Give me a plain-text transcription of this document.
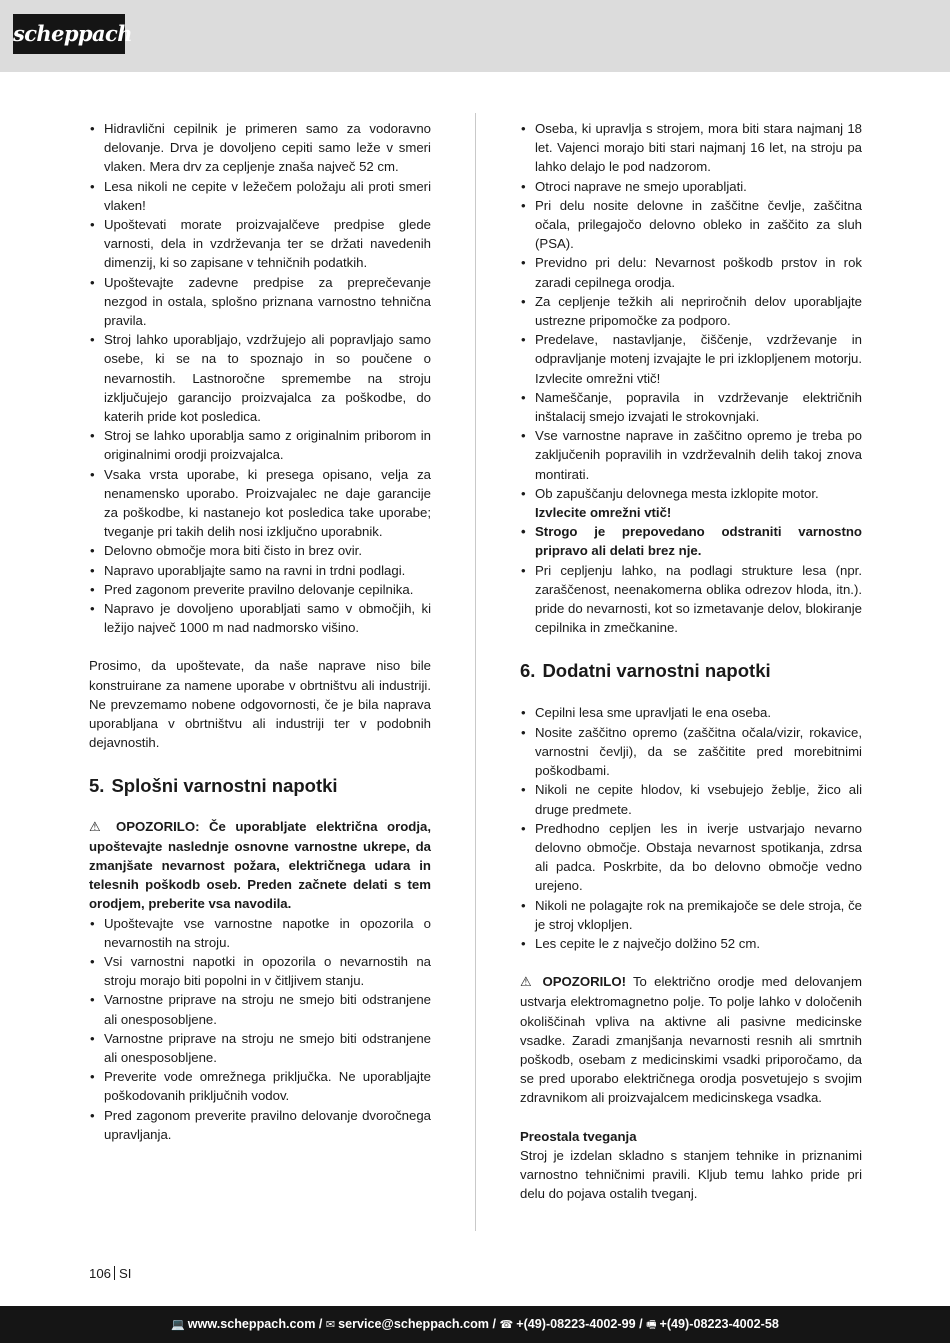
scheppach
• Hidravlični cepilnik je primeren samo za vodoravno delovanje. Drva je dovoljeno cepiti samo leže v smeri vlaken. Mera drv za cepljenje znaša največ 52 cm.
• Lesa nikoli ne cepite v ležečem položaju ali proti smeri vlaken!
• Upoštevati morate proizvajalčeve predpise glede varnosti, dela in vzdrževanja ter se držati navedenih dimenzij, ki so zapisane v tehničnih podatkih.
• Upoštevajte zadevne predpise za preprečevanje nezgod in ostala, splošno priznana varnostno tehnična pravila.
• Stroj lahko uporabljajo, vzdržujejo ali popravljajo samo osebe, ki se na to spoznajo in so poučene o nevarnostih. Lastnoročne spremembe na stroju izključujejo garancijo proizvajalca za poškodbe, do katerih pride kot posledica.
• Stroj se lahko uporablja samo z originalnim priborom in originalnimi orodji proizvajalca.
• Vsaka vrsta uporabe, ki presega opisano, velja za nenamensko uporabo. Proizvajalec ne daje garancije za poškodbe, ki nastanejo kot posledica take uporabe; tveganje pri takih delih nosi izključno uporabnik.
• Delovno območje mora biti čisto in brez ovir.
• Napravo uporabljajte samo na ravni in trdni podlagi.
• Pred zagonom preverite pravilno delovanje cepilnika.
• Napravo je dovoljeno uporabljati samo v območjih, ki ležijo največ 1000 m nad nadmorsko višino.

Prosimo, da upoštevate, da naše naprave niso bile konstruirane za namene uporabe v obrtništvu ali industriji. Ne prevzemamo nobene odgovornosti, če je bila naprava uporabljana v obrtništvu ali industriji ter v podobnih dejavnostih.

5. Splošni varnostni napotki

⚠ OPOZORILO: Če uporabljate električna orodja, upoštevajte naslednje osnovne varnostne ukrepe, da zmanjšate nevarnost požara, električnega udara in telesnih poškodb oseb. Preden začnete delati s tem orodjem, preberite vsa navodila.

• Upoštevajte vse varnostne napotke in opozorila o nevarnostih na stroju.
• Vsi varnostni napotki in opozorila o nevarnostih na stroju morajo biti popolni in v čitljivem stanju.
• Varnostne priprave na stroju ne smejo biti odstranjene ali onesposobljene.
• Varnostne priprave na stroju ne smejo biti odstranjene ali onesposobljene.
• Preverite vode omrežnega priključka. Ne uporabljajte poškodovanih priključnih vodov.
• Pred zagonom preverite pravilno delovanje dvoročnega upravljanja.
• Oseba, ki upravlja s strojem, mora biti stara najmanj 18 let. Vajenci morajo biti stari najmanj 16 let, na stroju pa lahko delajo le pod nadzorom.
• Otroci naprave ne smejo uporabljati.
• Pri delu nosite delovne in zaščitne čevlje, zaščitna očala, prilegajočo delovno obleko in zaščito za sluh (PSA).
• Previdno pri delu: Nevarnost poškodb prstov in rok zaradi cepilnega orodja.
• Za cepljenje težkih ali nepriročnih delov uporabljajte ustrezne pripomočke za podporo.
• Predelave, nastavljanje, čiščenje, vzdrževanje in odpravljanje motenj izvajajte le pri izklopljenem motorju. Izvlecite omrežni vtič!
• Nameščanje, popravila in vzdrževanje električnih inštalacij smejo izvajati le strokovnjaki.
• Vse varnostne naprave in zaščitno opremo je treba po zaključenih popravilih in vzdrževalnih delih takoj znova montirati.
• Ob zapuščanju delovnega mesta izklopite motor.
Izvlecite omrežni vtič!
• Strogo je prepovedano odstraniti varnostno pripravo ali delati brez nje.
• Pri cepljenju lahko, na podlagi strukture lesa (npr. zaraščenost, neenakomerna oblika odrezov hloda, itn.). pride do nevarnosti, kot so izmetavanje delov, blokiranje cepilnika in zmečkanine.
6. Dodatni varnostni napotki
• Cepilni lesa sme upravljati le ena oseba.
• Nosite zaščitno opremo (zaščitna očala/vizir, rokavice, varnostni čevlji), da se zaščitite pred morebitnimi poškodbami.
• Nikoli ne cepite hlodov, ki vsebujejo žeblje, žico ali druge predmete.
• Predhodno cepljen les in iverje ustvarjajo nevarno delovno območje. Obstaja nevarnost spotikanja, zdrsa ali padca. Poskrbite, da bo delovno območje vedno urejeno.
• Nikoli ne polagajte rok na premikajoče se dele stroja, če je stroj vklopljen.
• Les cepite le z največjo dolžino 52 cm.

⚠ OPOZORILO! To električno orodje med delovanjem ustvarja elektromagnetno polje. To polje lahko v določenih okoliščinah vpliva na aktivne ali pasivne medicinske vsadke. Zaradi zmanjšanja nevarnosti resnih ali smrtnih poškodb, osebam z medicinskimi vsadki priporočamo, da se pred uporabo električnega orodja posvetujejo s svojim zdravnikom ali proizvajalcem medicinskega vsadka.

Preostala tveganja

Stroj je izdelan skladno s stanjem tehnike in priznanimi varnostno tehničnimi pravili. Kljub temu lahko pride pri delu do pojava ostalih tveganj.

106 SI
💻 www.scheppach.com / ✉ service@scheppach.com / ☎ +(49)-08223-4002-99 / 🖷 +(49)-08223-4002-58
